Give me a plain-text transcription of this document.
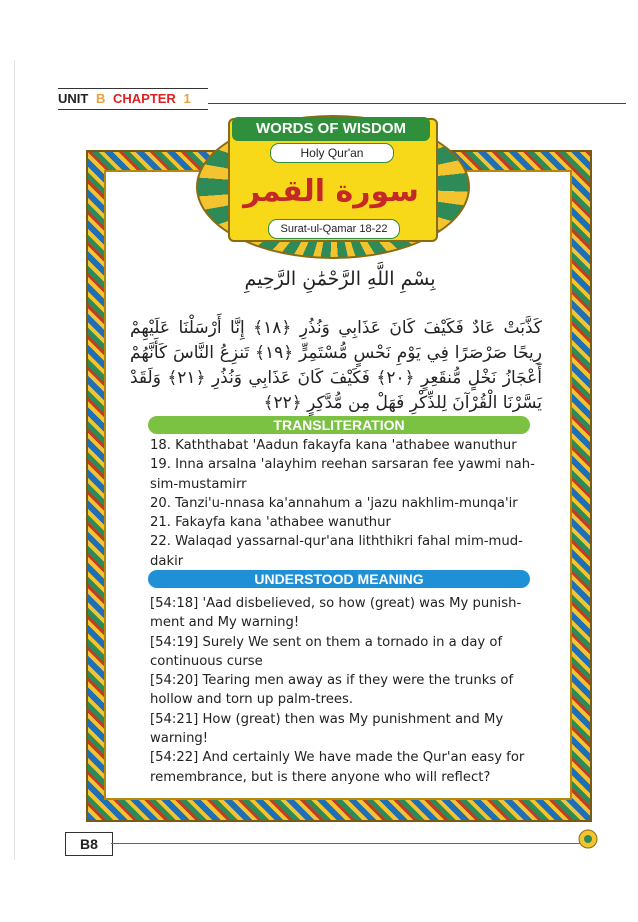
UNIT B CHAPTER 1
WORDS OF WISDOM
Holy Qur'an
سورة القمر
Surat-ul-Qamar 18-22
بِسْمِ اللَّهِ الرَّحْمَٰنِ الرَّحِيمِ
كَذَّبَتْ عَادٌ فَكَيْفَ كَانَ عَذَابِي وَنُذُرِ ﴿١٨﴾ إِنَّا أَرْسَلْنَا عَلَيْهِمْ رِيحًا صَرْصَرًا فِي يَوْمِ نَحْسٍ مُّسْتَمِرٍّ ﴿١٩﴾ تَنزِعُ النَّاسَ كَأَنَّهُمْ أَعْجَازُ نَخْلٍ مُّنقَعِرٍ ﴿٢٠﴾ فَكَيْفَ كَانَ عَذَابِي وَنُذُرِ ﴿٢١﴾ وَلَقَدْ يَسَّرْنَا الْقُرْآنَ لِلذِّكْرِ فَهَلْ مِن مُّدَّكِرٍ ﴿٢٢﴾
TRANSLITERATION

18. Kaththabat 'Aadun fakayfa kana 'athabee wanuthur

19. Inna arsalna 'alayhim reehan sarsaran fee yawmi nah-sim-mustamirr

20. Tanzi'u-nnasa ka'annahum a 'jazu nakhlim-munqa'ir

21. Fakayfa kana 'athabee wanuthur

22. Walaqad yassarnal-qur'ana liththikri fahal mim-mud-dakir

UNDERSTOOD MEANING

[54:18] 'Aad disbelieved, so how (great) was My punish-ment and My warning!

[54:19] Surely We sent on them a tornado in a day of continuous curse

[54:20] Tearing men away as if they were the trunks of hollow and torn up palm-trees.

[54:21] How (great) then was My punishment and My warning!

[54:22] And certainly We have made the Qur'an easy for remembrance, but is there anyone who will reflect?

B8
